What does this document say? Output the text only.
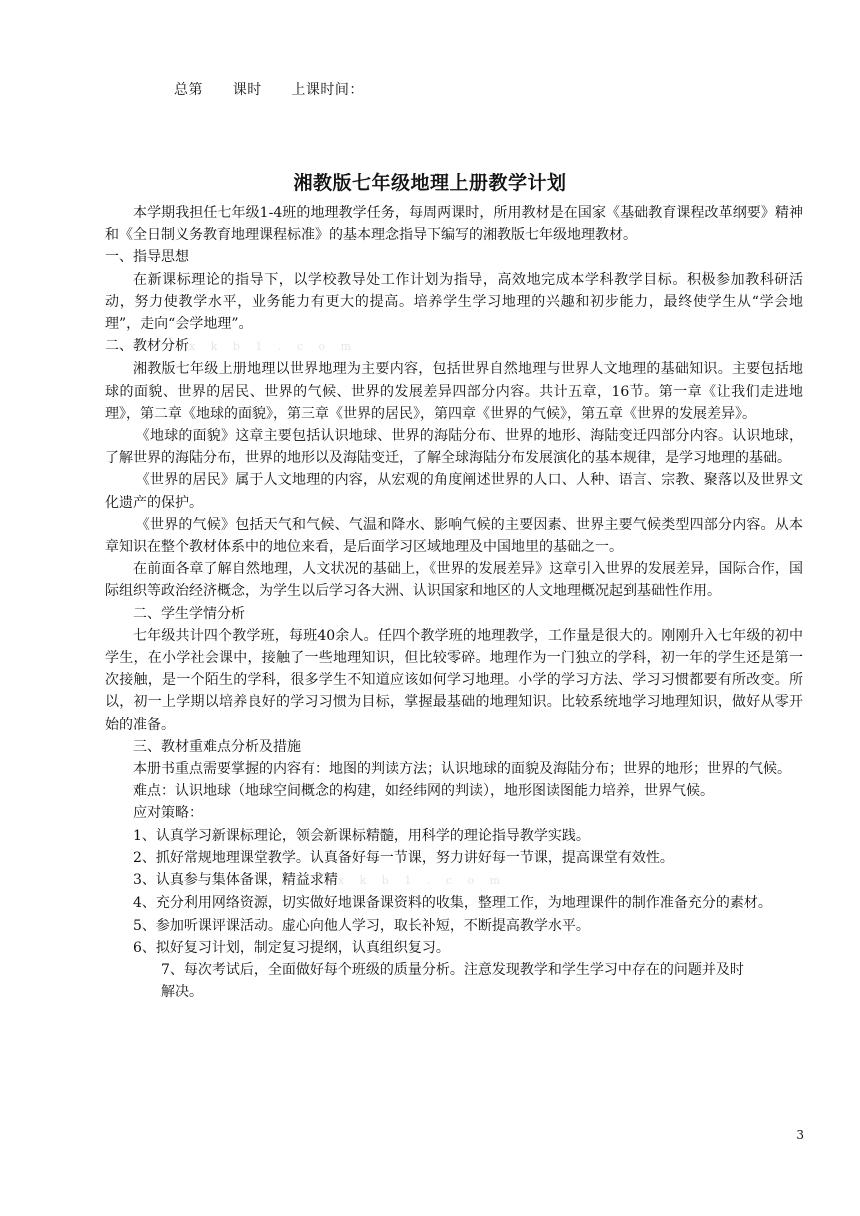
总第      课时      上课时间：
湘教版七年级地理上册教学计划

本学期我担任七年级1-4班的地理教学任务，每周两课时，所用教材是在国家《基础教育课程改革纲要》精神和《全日制义务教育地理课程标准》的基本理念指导下编写的湘教版七年级地理教材。

一、指导思想

在新课标理论的指导下，以学校教导处工作计划为指导，高效地完成本学科教学目标。积极参加教科研活动，努力使教学水平，业务能力有更大的提高。培养学生学习地理的兴趣和初步能力，最终使学生从“学会地理”，走向“会学地理”。

二、教材分析x k b 1 . c o m

湘教版七年级上册地理以世界地理为主要内容，包括世界自然地理与世界人文地理的基础知识。主要包括地球的面貌、世界的居民、世界的气候、世界的发展差异四部分内容。共计五章，16节。第一章《让我们走进地理》，第二章《地球的面貌》，第三章《世界的居民》，第四章《世界的气候》，第五章《世界的发展差异》。

《地球的面貌》这章主要包括认识地球、世界的海陆分布、世界的地形、海陆变迁四部分内容。认识地球，了解世界的海陆分布，世界的地形以及海陆变迁，了解全球海陆分布发展演化的基本规律，是学习地理的基础。

《世界的居民》属于人文地理的内容，从宏观的角度阐述世界的人口、人种、语言、宗教、聚落以及世界文化遗产的保护。

《世界的气候》包括天气和气候、气温和降水、影响气候的主要因素、世界主要气候类型四部分内容。从本章知识在整个教材体系中的地位来看，是后面学习区域地理及中国地里的基础之一。

在前面各章了解自然地理，人文状况的基础上，《世界的发展差异》这章引入世界的发展差异，国际合作，国际组织等政治经济概念，为学生以后学习各大洲、认识国家和地区的人文地理概况起到基础性作用。

二、学生学情分析

七年级共计四个教学班，每班40余人。任四个教学班的地理教学，工作量是很大的。刚刚升入七年级的初中学生，在小学社会课中，接触了一些地理知识，但比较零碎。地理作为一门独立的学科，初一年的学生还是第一次接触，是一个陌生的学科，很多学生不知道应该如何学习地理。小学的学习方法、学习习惯都要有所改变。所以，初一上学期以培养良好的学习习惯为目标，掌握最基础的地理知识。比较系统地学习地理知识，做好从零开始的准备。

三、教材重难点分析及措施

本册书重点需要掌握的内容有：地图的判读方法；认识地球的面貌及海陆分布；世界的地形；世界的气候。

难点：认识地球（地球空间概念的构建，如经纬网的判读），地形图读图能力培养，世界气候。

应对策略：

1、认真学习新课标理论，领会新课标精髓，用科学的理论指导教学实践。

2、抓好常规地理课堂教学。认真备好每一节课，努力讲好每一节课，提高课堂有效性。

3、认真参与集体备课，精益求精x k b 1 . c o m

4、充分利用网络资源，切实做好地课备课资料的收集，整理工作，为地理课件的制作准备充分的素材。

5、参加听课评课活动。虚心向他人学习，取长补短，不断提高教学水平。

6、拟好复习计划，制定复习提纲，认真组织复习。

7、每次考试后，全面做好每个班级的质量分析。注意发现教学和学生学习中存在的问题并及时
解决。

3
